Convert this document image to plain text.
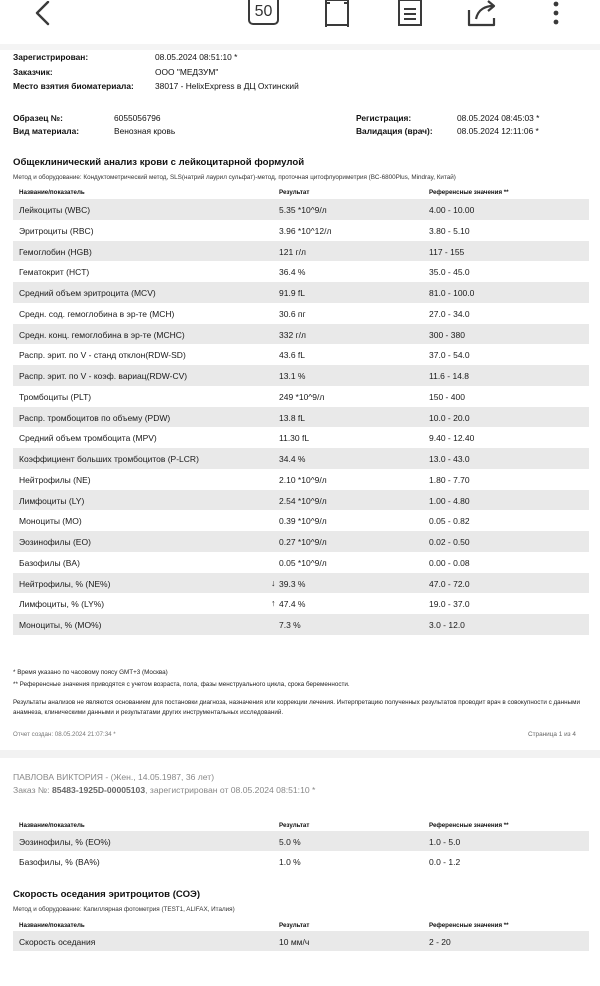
50
Зарегистрирован:	08.05.2024 08:51:10 *
Заказчик:	ООО "МЕДЗУМ"
Место взятия биоматериала:	38017 - HelixExpress в ДЦ Охтинский
Образец №:	6055056796
Вид материала:	Венозная кровь
Регистрация:	08.05.2024 08:45:03 *
Валидация (врач):	08.05.2024 12:11:06 *
Общеклинический анализ крови с лейкоцитарной формулой
Метод и оборудование: Кондуктометрический метод, SLS(натрий лаурил сульфат)-метод, проточная цитофлуориметрия (BC-6800Plus, Mindray, Китай)
Название/показатель	Результат	Референсные значения **
Лейкоциты (WBC)	5.35 *10^9/л	4.00 - 10.00
Эритроциты (RBC)	3.96 *10^12/л	3.80 - 5.10
Гемоглобин (HGB)	121 г/л	117 - 155
Гематокрит (HCT)	36.4 %	35.0 - 45.0
Средний объем эритроцита (MCV)	91.9 fL	81.0 - 100.0
Средн. сод. гемоглобина в эр-те (MCH)	30.6 пг	27.0 - 34.0
Средн. конц. гемоглобина в эр-те (MCHC)	332 г/л	300 - 380
Распр. эрит. по V - станд отклон(RDW-SD)	43.6 fL	37.0 - 54.0
Распр. эрит. по V - коэф. вариац(RDW-CV)	13.1 %	11.6 - 14.8
Тромбоциты (PLT)	249 *10^9/л	150 - 400
Распр. тромбоцитов по объему (PDW)	13.8 fL	10.0 - 20.0
Средний объем тромбоцита (MPV)	11.30 fL	9.40 - 12.40
Коэффициент больших тромбоцитов (P-LCR)	34.4 %	13.0 - 43.0
Нейтрофилы (NE)	2.10 *10^9/л	1.80 - 7.70
Лимфоциты (LY)	2.54 *10^9/л	1.00 - 4.80
Моноциты (MO)	0.39 *10^9/л	0.05 - 0.82
Эозинофилы (EO)	0.27 *10^9/л	0.02 - 0.50
Базофилы (BA)	0.05 *10^9/л	0.00 - 0.08
Нейтрофилы, % (NE%)	↓ 39.3 %	47.0 - 72.0
Лимфоциты, % (LY%)	↑ 47.4 %	19.0 - 37.0
Моноциты, % (MO%)	7.3 %	3.0 - 12.0
* Время указано по часовому поясу GMT+3 (Москва)
** Референсные значения приводятся с учетом возраста, пола, фазы менструального цикла, срока беременности.
Результаты анализов не являются основанием для постановки диагноза, назначения или коррекции лечения. Интерпретацию полученных результатов проводит врач в совокупности с данными анамнеза, клиническими данными и результатами других инструментальных исследований.
Отчет создан: 08.05.2024 21:07:34 *	Страница 1 из 4
ПАВЛОВА ВИКТОРИЯ - (Жен., 14.05.1987, 36 лет)
Заказ №: 85483-1925D-00005103, зарегистрирован от 08.05.2024 08:51:10 *
Название/показатель	Результат	Референсные значения **
Эозинофилы, % (EO%)	5.0 %	1.0 - 5.0
Базофилы, % (BA%)	1.0 %	0.0 - 1.2
Скорость оседания эритроцитов (СОЭ)
Метод и оборудование: Капиллярная фотометрия (TEST1, ALIFAX, Италия)
Название/показатель	Результат	Референсные значения **
Скорость оседания	10 мм/ч	2 - 20
